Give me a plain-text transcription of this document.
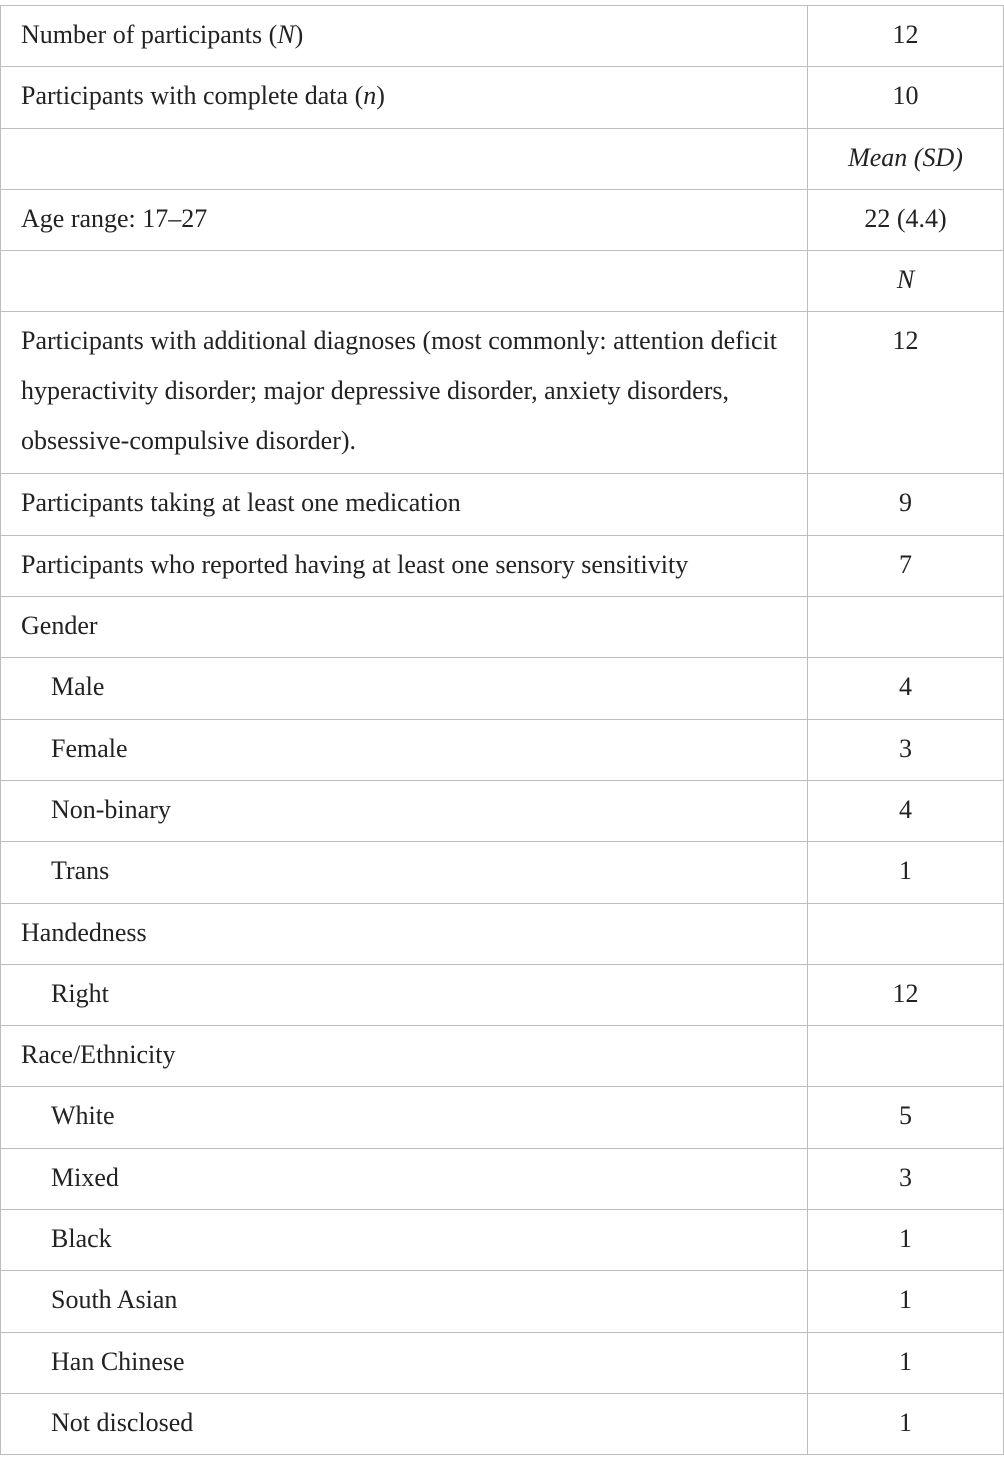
Number of participants (N)	12
Participants with complete data (n)	10
	Mean (SD)
Age range: 17–27	22 (4.4)
	N
Participants with additional diagnoses (most commonly: attention deficit hyperactivity disorder; major depressive disorder, anxiety disorders, obsessive-compulsive disorder).	12
Participants taking at least one medication	9
Participants who reported having at least one sensory sensitivity	7
Gender	
Male	4
Female	3
Non-binary	4
Trans	1
Handedness	
Right	12
Race/Ethnicity	
White	5
Mixed	3
Black	1
South Asian	1
Han Chinese	1
Not disclosed	1
